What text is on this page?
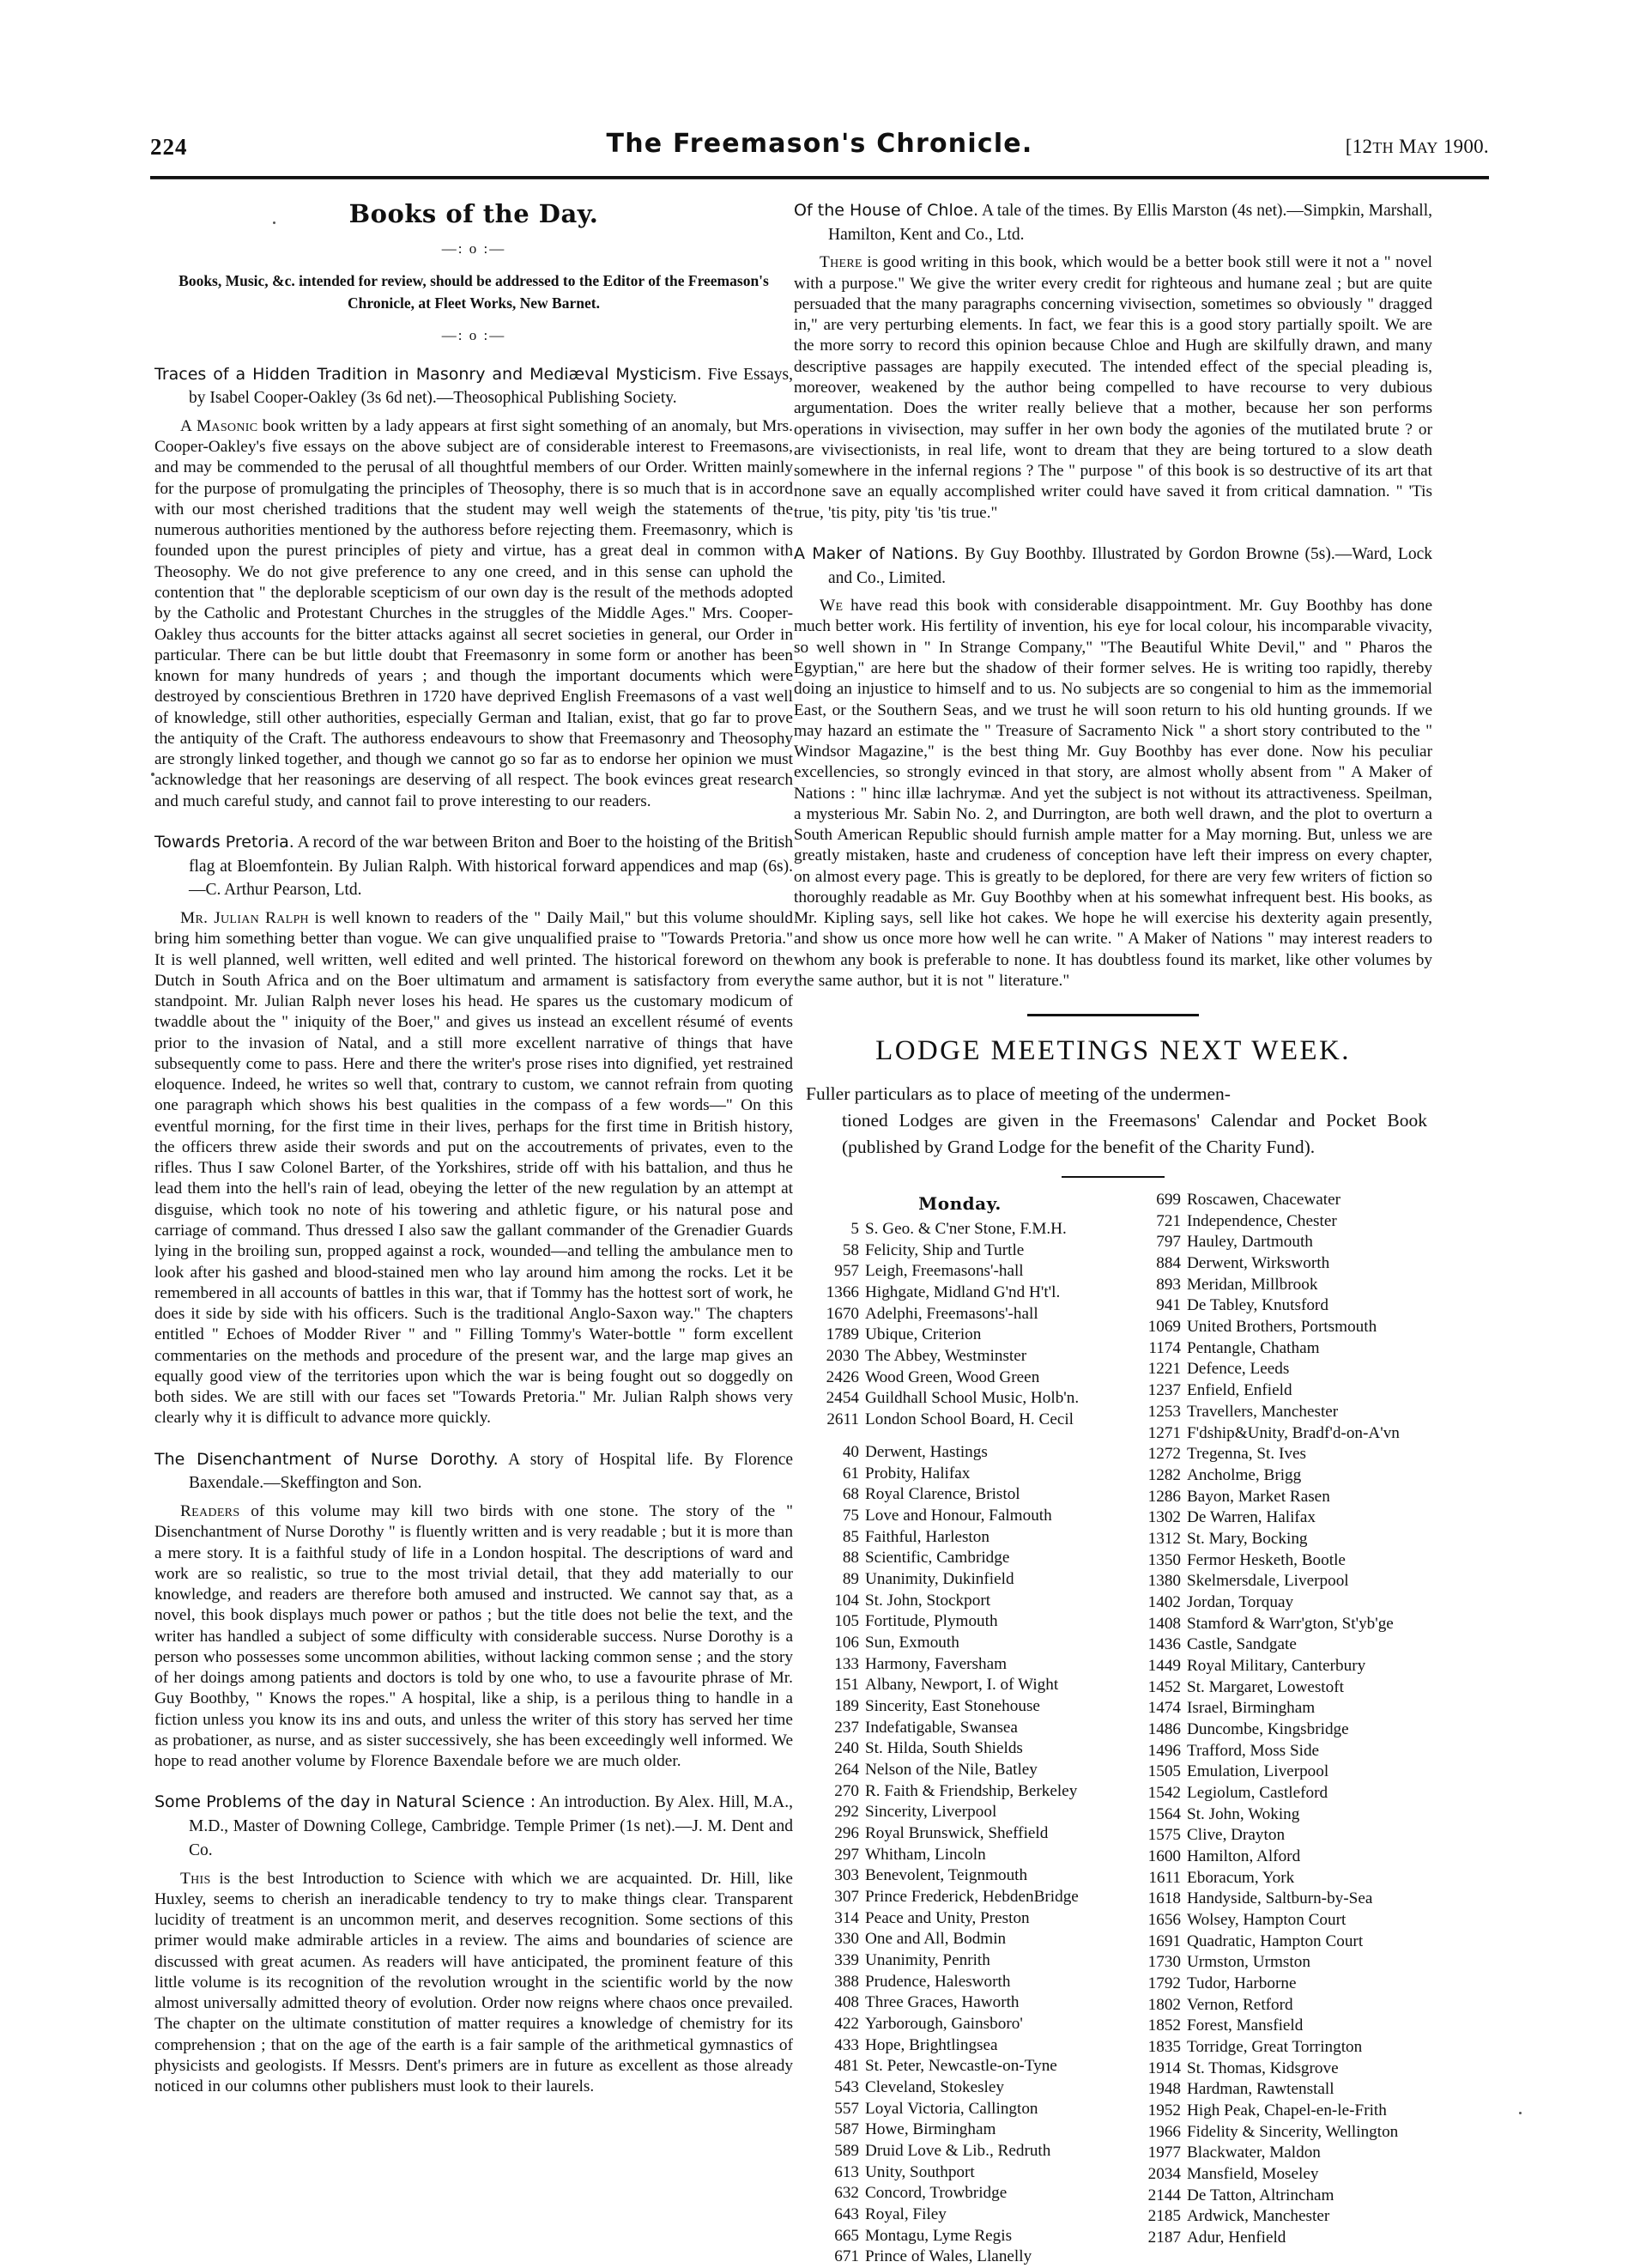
224	The Freemason's Chronicle.	[12TH MAY 1900.
Books of the Day.
—: o :—
Books, Music, &c. intended for review, should be addressed to the Editor of the Freemason's Chronicle, at Fleet Works, New Barnet.
—: o :—
Traces of a Hidden Tradition in Masonry and Mediæval Mysticism. Five Essays, by Isabel Cooper-Oakley (3s 6d net).—Theosophical Publishing Society.

A Masonic book written by a lady appears at first sight something of an anomaly, but Mrs. Cooper-Oakley's five essays on the above subject are of considerable interest to Freemasons, and may be commended to the perusal of all thoughtful members of our Order. Written mainly for the purpose of promulgating the principles of Theosophy, there is so much that is in accord with our most cherished traditions that the student may well weigh the statements of the numerous authorities mentioned by the authoress before rejecting them. Freemasonry, which is founded upon the purest principles of piety and virtue, has a great deal in common with Theosophy. We do not give preference to any one creed, and in this sense can uphold the contention that " the deplorable scepticism of our own day is the result of the methods adopted by the Catholic and Protestant Churches in the struggles of the Middle Ages." Mrs. Cooper-Oakley thus accounts for the bitter attacks against all secret societies in general, our Order in particular. There can be but little doubt that Freemasonry in some form or another has been known for many hundreds of years ; and though the important documents which were destroyed by conscientious Brethren in 1720 have deprived English Freemasons of a vast well of knowledge, still other authorities, especially German and Italian, exist, that go far to prove the antiquity of the Craft. The authoress endeavours to show that Freemasonry and Theosophy are strongly linked together, and though we cannot go so far as to endorse her opinion we must acknowledge that her reasonings are deserving of all respect. The book evinces great research and much careful study, and cannot fail to prove interesting to our readers.

Towards Pretoria. A record of the war between Briton and Boer to the hoisting of the British flag at Bloemfontein. By Julian Ralph. With historical forward appendices and map (6s).—C. Arthur Pearson, Ltd.

Mr. Julian Ralph is well known to readers of the " Daily Mail," but this volume should bring him something better than vogue. We can give unqualified praise to "Towards Pretoria." It is well planned, well written, well edited and well printed. The historical foreword on the Dutch in South Africa and on the Boer ultimatum and armament is satisfactory from every standpoint. Mr. Julian Ralph never loses his head. He spares us the customary modicum of twaddle about the " iniquity of the Boer," and gives us instead an excellent résumé of events prior to the invasion of Natal, and a still more excellent narrative of things that have subsequently come to pass. Here and there the writer's prose rises into dignified, yet restrained eloquence. Indeed, he writes so well that, contrary to custom, we cannot refrain from quoting one paragraph which shows his best qualities in the compass of a few words—" On this eventful morning, for the first time in their lives, perhaps for the first time in British history, the officers threw aside their swords and put on the accoutrements of privates, even to the rifles. Thus I saw Colonel Barter, of the Yorkshires, stride off with his battalion, and thus he lead them into the hell's rain of lead, obeying the letter of the new regulation by an attempt at disguise, which took no note of his towering and athletic figure, or his natural pose and carriage of command. Thus dressed I also saw the gallant commander of the Grenadier Guards lying in the broiling sun, propped against a rock, wounded—and telling the ambulance men to look after his gashed and blood-stained men who lay around him among the rocks. Let it be remembered in all accounts of battles in this war, that if Tommy has the hottest sort of work, he does it side by side with his officers. Such is the traditional Anglo-Saxon way." The chapters entitled " Echoes of Modder River " and " Filling Tommy's Water-bottle " form excellent commentaries on the methods and procedure of the present war, and the large map gives an equally good view of the territories upon which the war is being fought out so doggedly on both sides. We are still with our faces set "Towards Pretoria." Mr. Julian Ralph shows very clearly why it is difficult to advance more quickly.

The Disenchantment of Nurse Dorothy. A story of Hospital life. By Florence Baxendale.—Skeffington and Son.

Readers of this volume may kill two birds with one stone. The story of the " Disenchantment of Nurse Dorothy " is fluently written and is very readable ; but it is more than a mere story. It is a faithful study of life in a London hospital. The descriptions of ward and work are so realistic, so true to the most trivial detail, that they add materially to our knowledge, and readers are therefore both amused and instructed. We cannot say that, as a novel, this book displays much power or pathos ; but the title does not belie the text, and the writer has handled a subject of some difficulty with considerable success. Nurse Dorothy is a person who possesses some uncommon abilities, without lacking common sense ; and the story of her doings among patients and doctors is told by one who, to use a favourite phrase of Mr. Guy Boothby, " Knows the ropes." A hospital, like a ship, is a perilous thing to handle in a fiction unless you know its ins and outs, and unless the writer of this story has served her time as probationer, as nurse, and as sister successively, she has been exceedingly well informed. We hope to read another volume by Florence Baxendale before we are much older.

Some Problems of the day in Natural Science : An introduction. By Alex. Hill, M.A., M.D., Master of Downing College, Cambridge. Temple Primer (1s net).—J. M. Dent and Co.

This is the best Introduction to Science with which we are acquainted. Dr. Hill, like Huxley, seems to cherish an ineradicable tendency to try to make things clear. Transparent lucidity of treatment is an uncommon merit, and deserves recognition. Some sections of this primer would make admirable articles in a review. The aims and boundaries of science are discussed with great acumen. As readers will have anticipated, the prominent feature of this little volume is its recognition of the revolution wrought in the scientific world by the now almost universally admitted theory of evolution. Order now reigns where chaos once prevailed. The chapter on the ultimate constitution of matter requires a knowledge of chemistry for its comprehension ; that on the age of the earth is a fair sample of the arithmetical gymnastics of physicists and geologists. If Messrs. Dent's primers are in future as excellent as those already noticed in our columns other publishers must look to their laurels.

Of the House of Chloe. A tale of the times. By Ellis Marston (4s net).—Simpkin, Marshall, Hamilton, Kent and Co., Ltd.

There is good writing in this book, which would be a better book still were it not a " novel with a purpose." We give the writer every credit for righteous and humane zeal ; but are quite persuaded that the many paragraphs concerning vivisection, sometimes so obviously " dragged in," are very perturbing elements. In fact, we fear this is a good story partially spoilt. We are the more sorry to record this opinion because Chloe and Hugh are skilfully drawn, and many descriptive passages are happily executed. The intended effect of the special pleading is, moreover, weakened by the author being compelled to have recourse to very dubious argumentation. Does the writer really believe that a mother, because her son performs operations in vivisection, may suffer in her own body the agonies of the mutilated brute ? or are vivisectionists, in real life, wont to dream that they are being tortured to a slow death somewhere in the infernal regions ? The " purpose " of this book is so destructive of its art that none save an equally accomplished writer could have saved it from critical damnation. " 'Tis true, 'tis pity, pity 'tis 'tis true."

A Maker of Nations. By Guy Boothby. Illustrated by Gordon Browne (5s).—Ward, Lock and Co., Limited.

We have read this book with considerable disappointment. Mr. Guy Boothby has done much better work. His fertility of invention, his eye for local colour, his incomparable vivacity, so well shown in " In Strange Company," "The Beautiful White Devil," and " Pharos the Egyptian," are here but the shadow of their former selves. He is writing too rapidly, thereby doing an injustice to himself and to us. No subjects are so congenial to him as the immemorial East, or the Southern Seas, and we trust he will soon return to his old hunting grounds. If we may hazard an estimate the " Treasure of Sacramento Nick " a short story contributed to the " Windsor Magazine," is the best thing Mr. Guy Boothby has ever done. Now his peculiar excellencies, so strongly evinced in that story, are almost wholly absent from " A Maker of Nations : " hinc illæ lachrymæ. And yet the subject is not without its attractiveness. Speilman, a mysterious Mr. Sabin No. 2, and Durrington, are both well drawn, and the plot to overturn a South American Republic should furnish ample matter for a May morning. But, unless we are greatly mistaken, haste and crudeness of conception have left their impress on every chapter, on almost every page. This is greatly to be deplored, for there are very few writers of fiction so thoroughly readable as Mr. Guy Boothby when at his somewhat infrequent best. His books, as Mr. Kipling says, sell like hot cakes. We hope he will exercise his dexterity again presently, and show us once more how well he can write. " A Maker of Nations " may interest readers to whom any book is preferable to none. It has doubtless found its market, like other volumes by the same author, but it is not " literature."

LODGE MEETINGS NEXT WEEK.
Fuller particulars as to place of meeting of the undermen-
tioned Lodges are given in the Freemasons' Calendar and Pocket Book (published by Grand Lodge for the benefit of the Charity Fund).
Monday.
5 S. Geo. & C'ner Stone, F.M.H.
58 Felicity, Ship and Turtle
957 Leigh, Freemasons'-hall
1366 Highgate, Midland G'nd H't'l.
1670 Adelphi, Freemasons'-hall
1789 Ubique, Criterion
2030 The Abbey, Westminster
2426 Wood Green, Wood Green
2454 Guildhall School Music, Holb'n.
2611 London School Board, H. Cecil
40 Derwent, Hastings
61 Probity, Halifax
68 Royal Clarence, Bristol
75 Love and Honour, Falmouth
85 Faithful, Harleston
88 Scientific, Cambridge
89 Unanimity, Dukinfield
104 St. John, Stockport
105 Fortitude, Plymouth
106 Sun, Exmouth
133 Harmony, Faversham
151 Albany, Newport, I. of Wight
189 Sincerity, East Stonehouse
237 Indefatigable, Swansea
240 St. Hilda, South Shields
264 Nelson of the Nile, Batley
270 R. Faith & Friendship, Berkeley
292 Sincerity, Liverpool
296 Royal Brunswick, Sheffield
297 Whitham, Lincoln
303 Benevolent, Teignmouth
307 Prince Frederick, HebdenBridge
314 Peace and Unity, Preston
330 One and All, Bodmin
339 Unanimity, Penrith
388 Prudence, Halesworth
408 Three Graces, Haworth
422 Yarborough, Gainsboro'
433 Hope, Brightlingsea
481 St. Peter, Newcastle-on-Tyne
543 Cleveland, Stokesley
557 Loyal Victoria, Callington
587 Howe, Birmingham
589 Druid Love & Lib., Redruth
613 Unity, Southport
632 Concord, Trowbridge
643 Royal, Filey
665 Montagu, Lyme Regis
671 Prince of Wales, Llanelly
699 Roscawen, Chacewater
721 Independence, Chester
797 Hauley, Dartmouth
884 Derwent, Wirksworth
893 Meridan, Millbrook
941 De Tabley, Knutsford
1069 United Brothers, Portsmouth
1174 Pentangle, Chatham
1221 Defence, Leeds
1237 Enfield, Enfield
1253 Travellers, Manchester
1271 F'dship&Unity, Bradf'd-on-A'vn
1272 Tregenna, St. Ives
1282 Ancholme, Brigg
1286 Bayon, Market Rasen
1302 De Warren, Halifax
1312 St. Mary, Bocking
1350 Fermor Hesketh, Bootle
1380 Skelmersdale, Liverpool
1402 Jordan, Torquay
1408 Stamford & Warr'gton, St'yb'ge
1436 Castle, Sandgate
1449 Royal Military, Canterbury
1452 St. Margaret, Lowestoft
1474 Israel, Birmingham
1486 Duncombe, Kingsbridge
1496 Trafford, Moss Side
1505 Emulation, Liverpool
1542 Legiolum, Castleford
1564 St. John, Woking
1575 Clive, Drayton
1600 Hamilton, Alford
1611 Eboracum, York
1618 Handyside, Saltburn-by-Sea
1656 Wolsey, Hampton Court
1691 Quadratic, Hampton Court
1730 Urmston, Urmston
1792 Tudor, Harborne
1802 Vernon, Retford
1852 Forest, Mansfield
1835 Torridge, Great Torrington
1914 St. Thomas, Kidsgrove
1948 Hardman, Rawtenstall
1952 High Peak, Chapel-en-le-Frith
1966 Fidelity & Sincerity, Wellington
1977 Blackwater, Maldon
2034 Mansfield, Moseley
2144 De Tatton, Altrincham
2185 Ardwick, Manchester
2187 Adur, Henfield
